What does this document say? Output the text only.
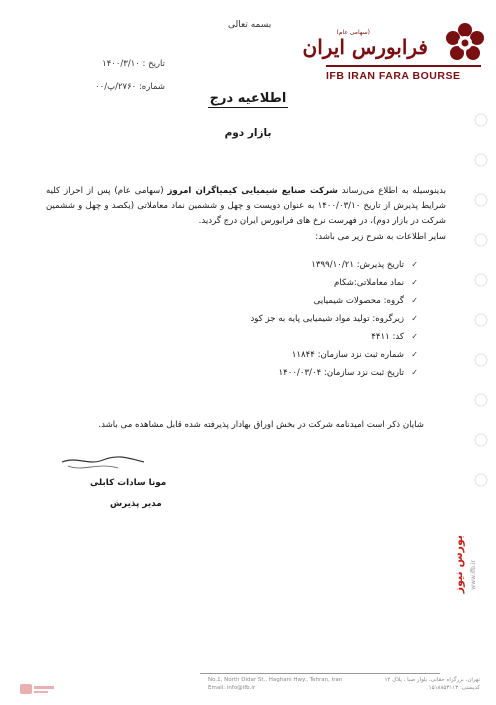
بسمه تعالی
تاریخ : ۱۴۰۰/۳/۱۰
شماره: ۲۷۶۰/پ/۰۰
(سهامی عام)
فرابورس ایران
IFB IRAN FARA BOURSE
اطلاعیه درج
بازار دوم
بدینوسیله به اطلاع می‌رساند شرکت صنایع شیمیایی کیمیاگران امروز (سهامی عام) پس از احراز کلیه شرایط پذیرش از تاریخ ۱۴۰۰/۰۳/۱۰ به عنوان دویست و چهل و ششمین نماد معاملاتی (یکصد و چهل و ششمین شرکت در بازار دوم)، در فهرست نرخ های فرابورس ایران درج گردید.
سایر اطلاعات به شرح زیر می باشد:
✓
تاریخ پذیرش: ۱۳۹۹/۱۰/۲۱
✓
نماد معاملاتی:شکام
✓
گروه: محصولات شیمیایی
✓
زیرگروه: تولید مواد شیمیایی پایه به جز کود
✓
کد: ۴۴۱۱
✓
شماره ثبت نزد سازمان: ۱۱۸۴۴
✓
تاریخ ثبت نزد سازمان: ۱۴۰۰/۰۳/۰۴
شایان ذکر است امیدنامه شرکت در بخش اوراق بهادار پذیرفته شده قابل مشاهده می باشد.
مونا سادات کابلی
مدیر پذیرش
بورس نیوز www.ifb.ir
تهران، بزرگراه حقانی، بلوار صبا ، پلاک ۱۲
کدپستی: ۱۵۱۸۸۵۳۱۱۳
No.1, North Didar St., Haghani Hwy., Tehran, Iran
Email: info@ifb.ir
